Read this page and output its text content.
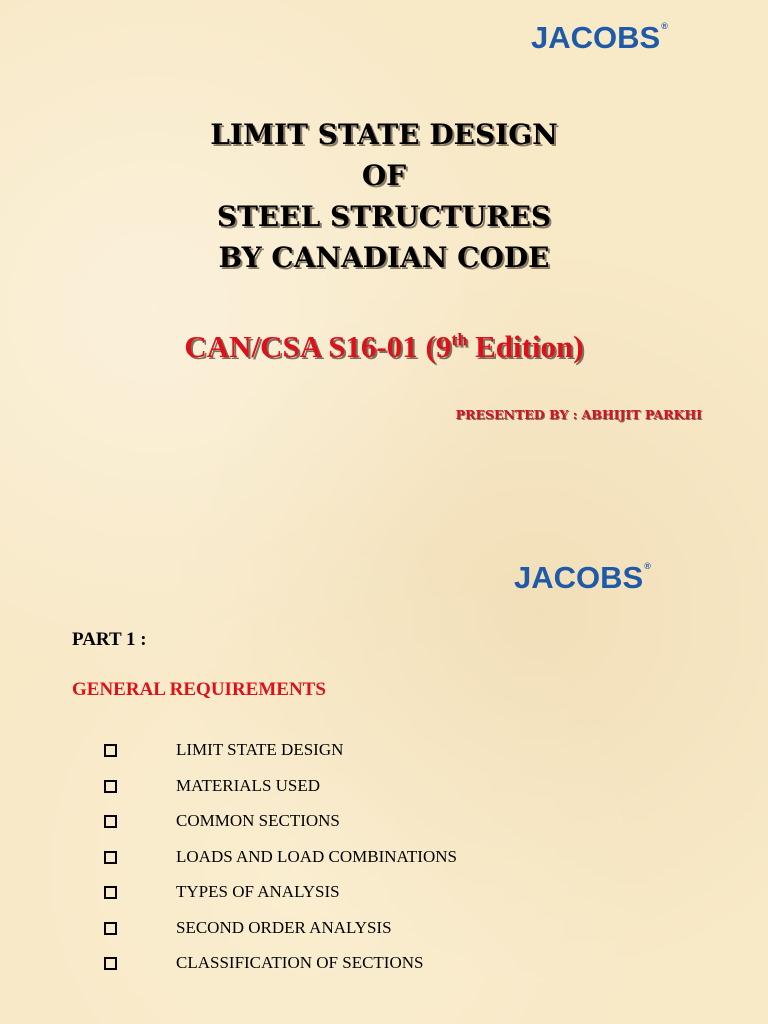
JACOBS®
LIMIT STATE DESIGN
OF
STEEL STRUCTURES
BY CANADIAN CODE
CAN/CSA S16-01 (9th Edition)
PRESENTED BY : ABHIJIT PARKHI
JACOBS®
PART 1 :
GENERAL REQUIREMENTS
LIMIT STATE DESIGN
MATERIALS USED
COMMON SECTIONS
LOADS AND LOAD COMBINATIONS
TYPES OF ANALYSIS
SECOND ORDER ANALYSIS
CLASSIFICATION OF SECTIONS
